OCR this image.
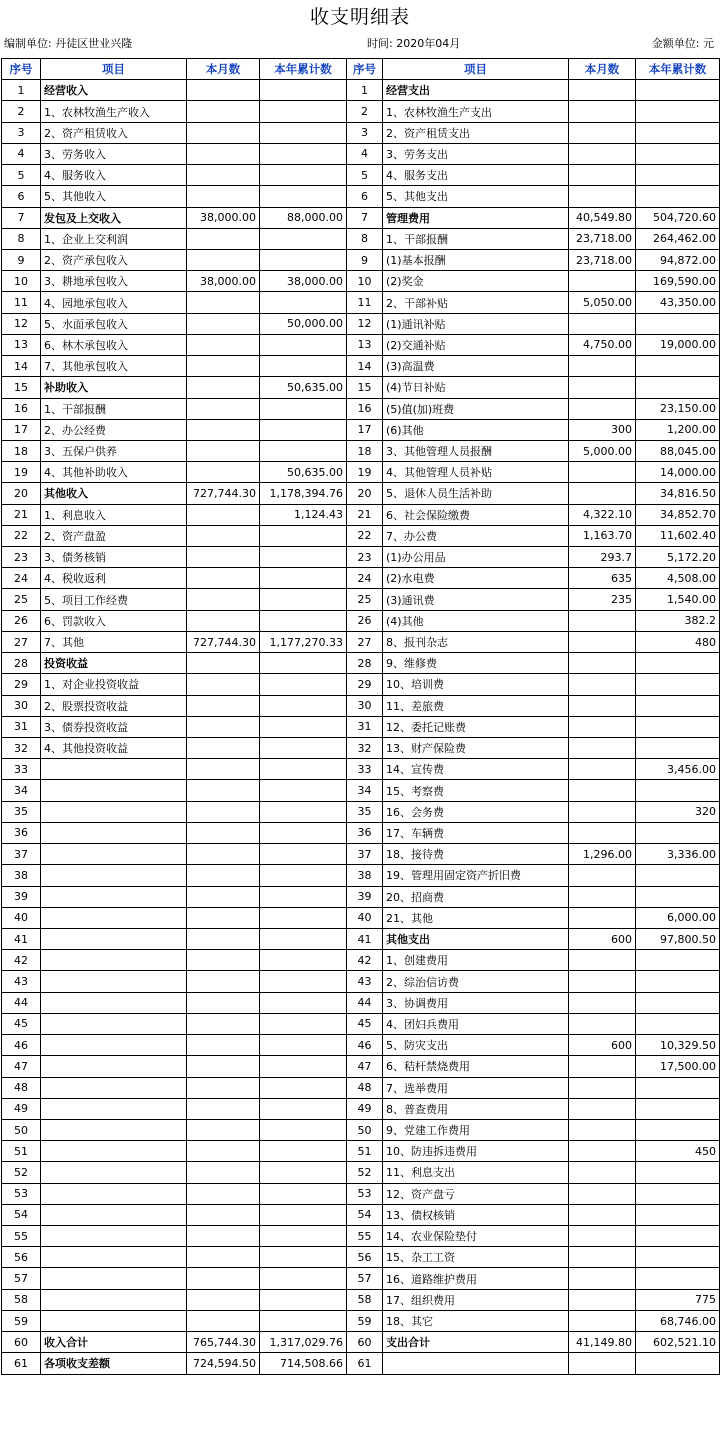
收支明细表
编制单位: 丹徒区世业兴隆	时间: 2020年04月	金额单位: 元
序号	项目	本月数	本年累计数	序号	项目	本月数	本年累计数
1	经营收入			1	经营支出		
2	1、农林牧渔生产收入			2	1、农林牧渔生产支出		
3	2、资产租赁收入			3	2、资产租赁支出		
4	3、劳务收入			4	3、劳务支出		
5	4、服务收入			5	4、服务支出		
6	5、其他收入			6	5、其他支出		
7	发包及上交收入	38,000.00	88,000.00	7	管理费用	40,549.80	504,720.60
8	1、企业上交利润			8	1、干部报酬	23,718.00	264,462.00
9	2、资产承包收入			9	(1)基本报酬	23,718.00	94,872.00
10	3、耕地承包收入	38,000.00	38,000.00	10	(2)奖金		169,590.00
11	4、园地承包收入			11	2、干部补贴	5,050.00	43,350.00
12	5、水面承包收入		50,000.00	12	(1)通讯补贴		
13	6、林木承包收入			13	(2)交通补贴	4,750.00	19,000.00
14	7、其他承包收入			14	(3)高温费		
15	补助收入		50,635.00	15	(4)节日补贴		
16	1、干部报酬			16	(5)值(加)班费		23,150.00
17	2、办公经费			17	(6)其他	300	1,200.00
18	3、五保户供养			18	3、其他管理人员报酬	5,000.00	88,045.00
19	4、其他补助收入		50,635.00	19	4、其他管理人员补贴		14,000.00
20	其他收入	727,744.30	1,178,394.76	20	5、退休人员生活补助		34,816.50
21	1、利息收入		1,124.43	21	6、社会保险缴费	4,322.10	34,852.70
22	2、资产盘盈			22	7、办公费	1,163.70	11,602.40
23	3、债务核销			23	(1)办公用品	293.7	5,172.20
24	4、税收返利			24	(2)水电费	635	4,508.00
25	5、项目工作经费			25	(3)通讯费	235	1,540.00
26	6、罚款收入			26	(4)其他		382.2
27	7、其他	727,744.30	1,177,270.33	27	8、报刊杂志		480
28	投资收益			28	9、维修费		
29	1、对企业投资收益			29	10、培训费		
30	2、股票投资收益			30	11、差旅费		
31	3、债券投资收益			31	12、委托记账费		
32	4、其他投资收益			32	13、财产保险费		
33				33	14、宣传费		3,456.00
34				34	15、考察费		
35				35	16、会务费		320
36				36	17、车辆费		
37				37	18、接待费	1,296.00	3,336.00
38				38	19、管理用固定资产折旧费		
39				39	20、招商费		
40				40	21、其他		6,000.00
41				41	其他支出	600	97,800.50
42				42	1、创建费用		
43				43	2、综治信访费		
44				44	3、协调费用		
45				45	4、团妇兵费用		
46				46	5、防灾支出	600	10,329.50
47				47	6、秸杆禁烧费用		17,500.00
48				48	7、选举费用		
49				49	8、普查费用		
50				50	9、党建工作费用		
51				51	10、防违拆违费用		450
52				52	11、利息支出		
53				53	12、资产盘亏		
54				54	13、债权核销		
55				55	14、农业保险垫付		
56				56	15、杂工工资		
57				57	16、道路维护费用		
58				58	17、组织费用		775
59				59	18、其它		68,746.00
60	收入合计	765,744.30	1,317,029.76	60	支出合计	41,149.80	602,521.10
61	各项收支差额	724,594.50	714,508.66	61			
